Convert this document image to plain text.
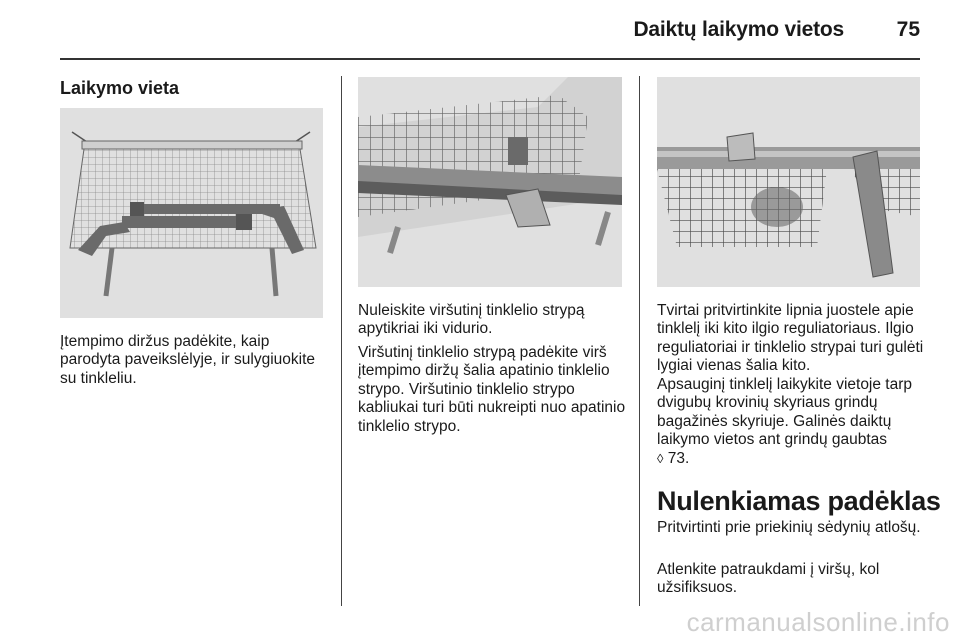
Daiktų laikymo vietos	75
Laikymo vieta

Įtempimo diržus padėkite, kaip parodyta paveikslėlyje, ir sulygiuokite su tinkleliu.

Nuleiskite viršutinį tinklelio strypą apytikriai iki vidurio.

Viršutinį tinklelio strypą padėkite virš įtempimo diržų šalia apatinio tinklelio strypo. Viršutinio tinklelio strypo kabliukai turi būti nukreipti nuo apatinio tinklelio strypo.

Tvirtai pritvirtinkite lipnia juostele apie tinklelį iki kito ilgio reguliatoriaus. Ilgio reguliatoriai ir tinklelio strypai turi gulėti lygiai vienas šalia kito.

Apsauginį tinklelį laikykite vietoje tarp dvigubų krovinių skyriaus grindų bagažinės skyriuje. Galinės daiktų laikymo vietos ant grindų gaubtas
◊ 73.

Nulenkiamas padėklas

Pritvirtinti prie priekinių sėdynių atlošų.

Atlenkite patraukdami į viršų, kol užsifiksuos.

carmanualsonline.info
